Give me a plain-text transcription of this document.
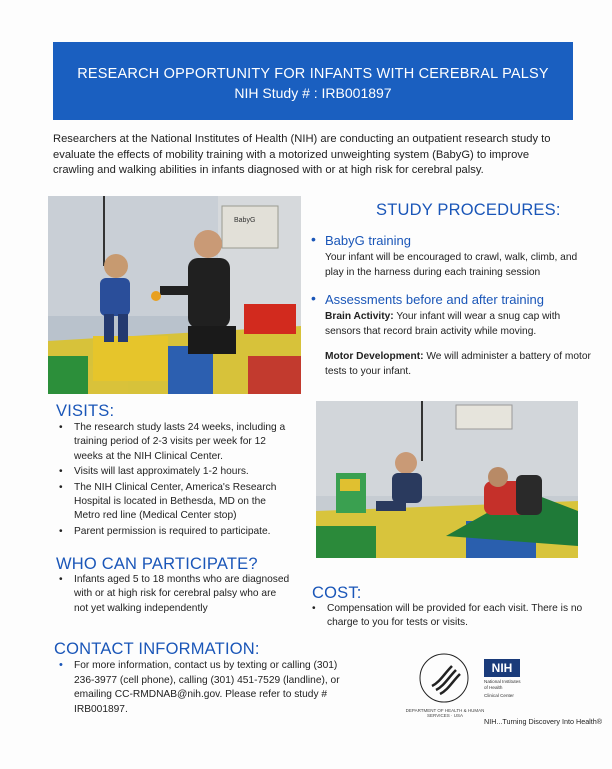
RESEARCH OPPORTUNITY FOR INFANTS WITH CEREBRAL PALSY
NIH Study # : IRB001897
Researchers at the National Institutes of Health (NIH) are conducting an outpatient research study to evaluate the effects of mobility training with a motorized unweighting system (BabyG) to improve crawling and walking abilities in infants diagnosed with or at high risk for cerebral palsy.
BabyG
STUDY PROCEDURES:
• BabyG training
Your infant will be encouraged to crawl, walk, climb, and play in the harness during each training session
• Assessments before and after training
Brain Activity: Your infant will wear a snug cap with sensors that record brain activity while moving.
Motor Development: We will administer a battery of motor tests to your infant.
VISITS:
• The research study lasts 24 weeks, including a training period of 2-3 visits per week for 12 weeks at the NIH Clinical Center.
• Visits will last approximately 1-2 hours.
• The NIH Clinical Center, America's Research Hospital is located in Bethesda, MD on the Metro red line (Medical Center stop)
• Parent permission is required to participate.
WHO CAN PARTICIPATE?
• Infants aged 5 to 18 months who are diagnosed with or at high risk for cerebral palsy who are not yet walking independently
COST:
• Compensation will be provided for each visit. There is no charge to you for tests or visits.
CONTACT INFORMATION:
•	For more information, contact us by texting or calling (301) 236-3977 (cell phone), calling (301) 451-7529 (landline), or emailing CC-RMDNAB@nih.gov. Please refer to study # IRB001897.	DEPARTMENT OF HEALTH & HUMAN SERVICES · USA
NIH
National Institutes
of Health
Clinical Center
NIH...Turning Discovery Into Health®
